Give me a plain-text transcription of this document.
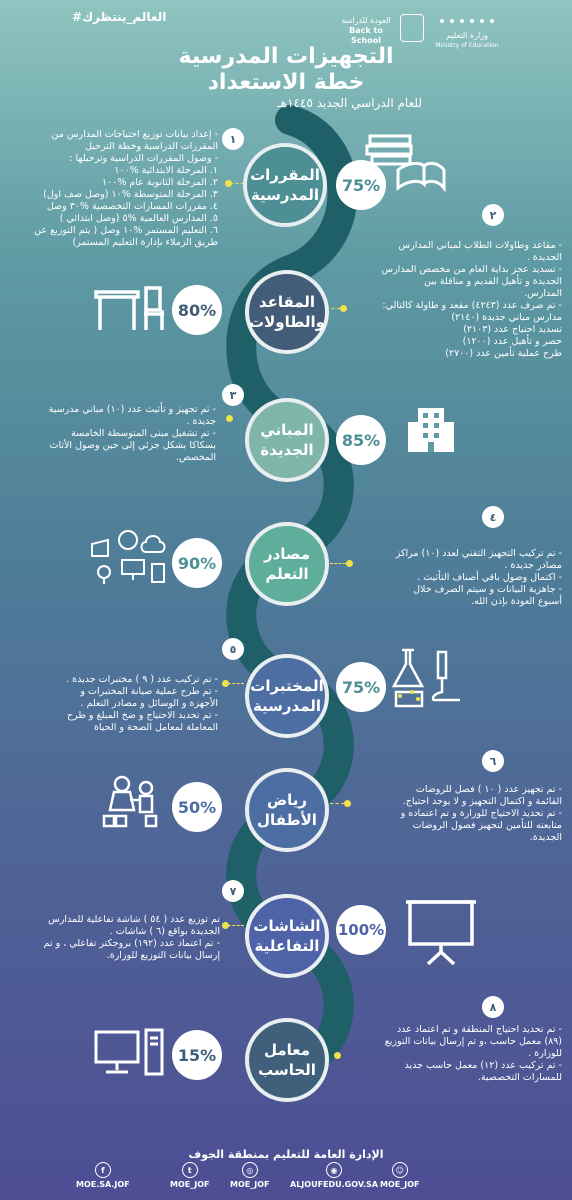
#العالم_ينتظرك	العودة للدراسة
Back to School
وزارة التعليم
Ministry of Education
التجهيزات المدرسية
خطة الاستعداد
للعام الدراسي الجديد ١٤٤٥هـ
١

- إعداد بيانات توزيع احتياجات المدارس من

المقررات الدراسية وخطة الترحيل

- وصول المقررات الدراسية وترحيلها :

١. المرحلة الابتدائية %١٠٠

٢. المرحلة الثانوية عام %١٠٠

٣. المرحلة المتوسطة %١٠ (وصل صف اول)

٤. مقررات المسارات التخصصية %٣٠ وصل

٥. المدارس العالمية %٥ (وصل ابتدائي )

٦. التعليم المستمر %١٠ وصل ( يتم التوزيع عن

طريق الزملاء بإدارة التعليم المستمر)

المقررات المدرسية
75%
٢

- مقاعد وطاولات الطلاب لمباني المدارس

الجديدة .

- تسديد عجز بداية العام من مخصص المدارس

الجديدة و تأهيل القديم و مناقلة بين

المدارس.

- تم صرف عدد (٤٢٤٣) مقعد و طاولة كالتالي:

مدارس مباني جديدة (٢١٤٠)

تسديد احتياج عدد (٢١٠٣)

حصر و تأهيل عدد (١٢٠٠)

طرح عملية تأمين عدد (٢٧٠٠)

المقاعد والطاولات
80%
٣

- تم تجهيز و تأثيث عدد (١٠) مباني مدرسية

جديدة .

- تم تشغيل مبنى المتوسطة الخامسة

بسكاكا بشكل جزئي إلى حين وصول الأثاث

المخصص.

المباني الجديدة
85%
٤

- تم تركيب التجهيز التقني لعدد (١٠) مراكز

مصادر جديدة .

- اكتمال وصول باقي أصناف التأثيث .

- جاهزية البيانات و سيتم الصرف خلال

أسبوع العودة بإذن الله.

مصادر التعلم
90%
٥

- تم تركيب عدد ( ٩ ) مختبرات جديدة .

- تم طرح عملية صيانة المختبرات و

الأجهزة و الوسائل و مصادر التعلم .

- تم تحديد الاحتياج و ضخ المبلغ و طرح

المعاملة لمعامل الصحة و الحياة

المختبرات المدرسية
75%
٦

- تم تجهيز عدد ( ١٠ ) فصل للروضات

القائمة و اكتمال التجهيز و لا يوجد احتياج.

- تم تحديد الاحتياج للوزارة و تم اعتماده و

متابعته للتأمين لتجهيز فصول الروضات

الجديدة.

رياض الأطفال
50%
٧

تم توزيع عدد ( ٥٤ ) شاشة تفاعلية للمدارس

الجديدة بواقع (٦ ) شاشات .

- تم اعتماد عدد (١٩٢) بروجكتر تفاعلي ، و تم

إرسال بيانات التوزيع للوزارة.

الشاشات التفاعلية
100%
٨

- تم تحديد احتياج المنطقة و تم اعتماد عدد

(٨٩) معمل حاسب ،و تم إرسال بيانات التوزيع

للوزارة .

- تم تركيب عدد (١٢) معمل حاسب جديد

للمسارات التخصصية.

معامل الحاسب
15%
الإدارة العامة للتعليم بمنطقة الجوف
f
MOE.SA.JOF
t
MOE_JOF
◎
MOE_JOF
◉
ALJOUFEDU.GOV.SA
☺
MOE_JOF
